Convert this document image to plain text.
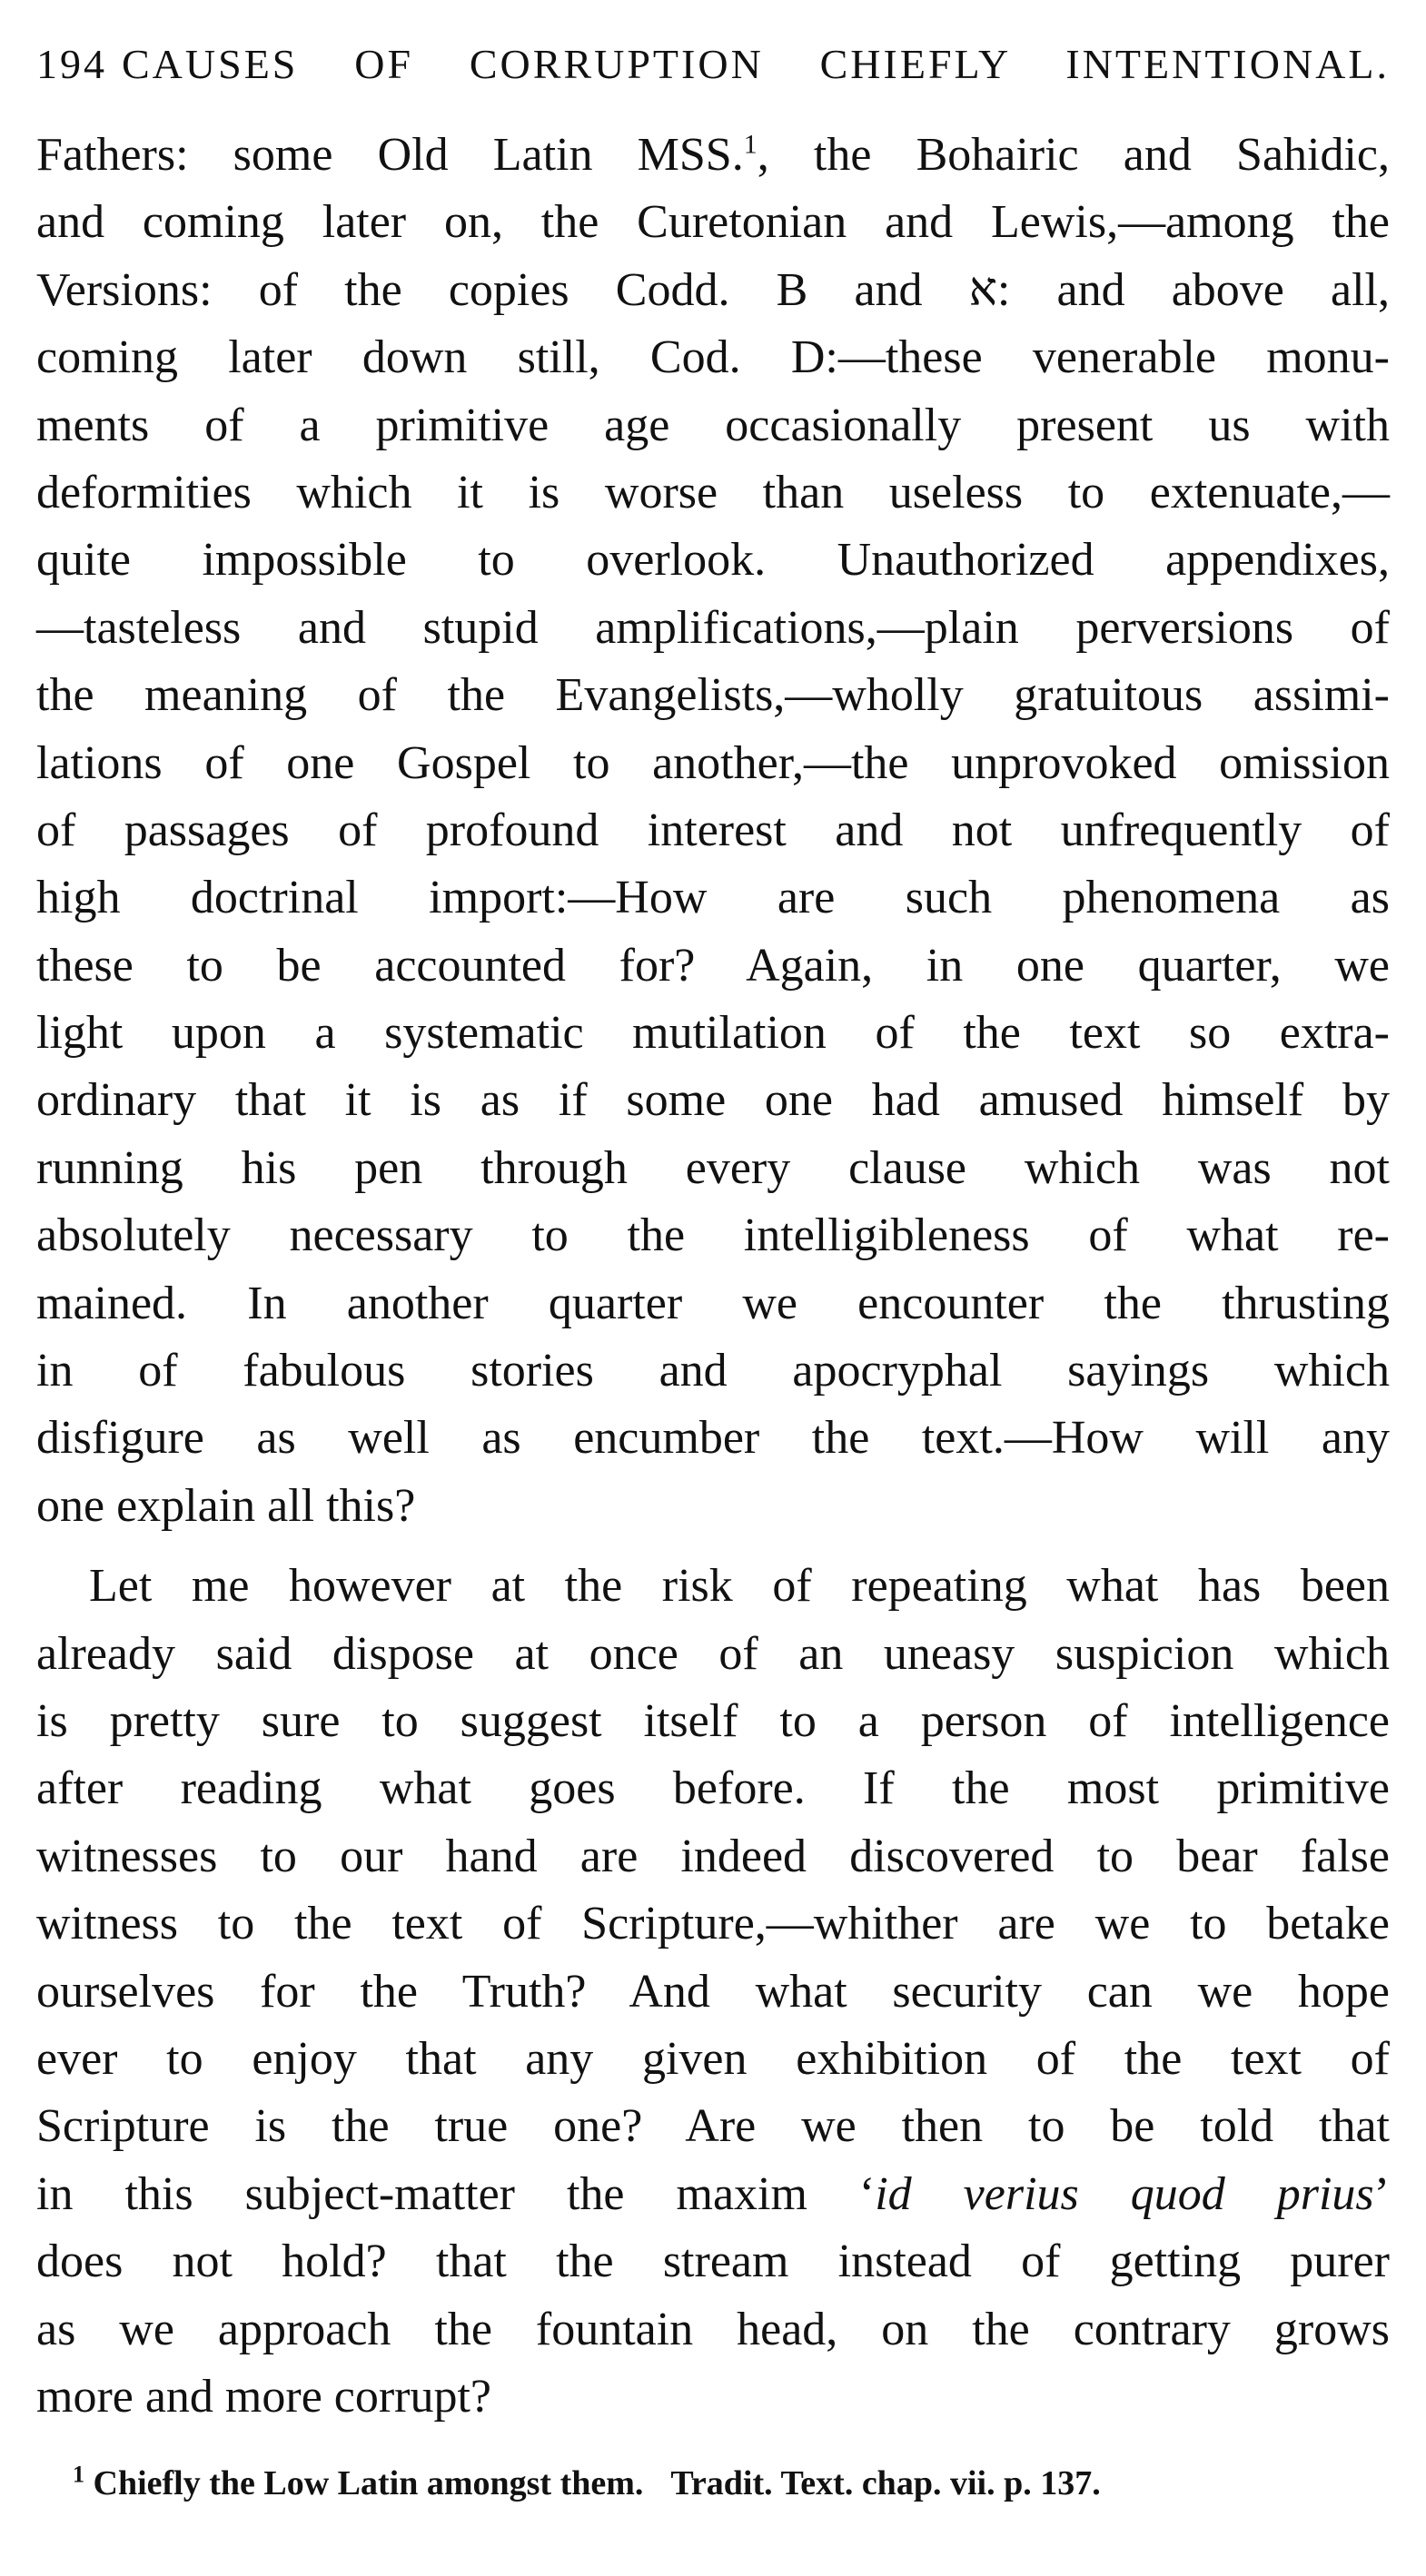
194 CAUSES OF CORRUPTION CHIEFLY INTENTIONAL.
Fathers: some Old Latin MSS.$^1$, the Bohairic and Sahidic,
and coming later on, the Curetonian and Lewis,—among the
Versions: of the copies Codd. B and א: and above all,
coming later down still, Cod. D:—these venerable monu-
ments of a primitive age occasionally present us with
deformities which it is worse than useless to extenuate,—
quite impossible to overlook. Unauthorized appendixes,
—tasteless and stupid amplifications,—plain perversions of
the meaning of the Evangelists,—wholly gratuitous assimi-
lations of one Gospel to another,—the unprovoked omission
of passages of profound interest and not unfrequently of
high doctrinal import:—How are such phenomena as
these to be accounted for? Again, in one quarter, we
light upon a systematic mutilation of the text so extra-
ordinary that it is as if some one had amused himself by
running his pen through every clause which was not
absolutely necessary to the intelligibleness of what re-
mained. In another quarter we encounter the thrusting
in of fabulous stories and apocryphal sayings which
disfigure as well as encumber the text.—How will any
one explain all this?
Let me however at the risk of repeating what has been
already said dispose at once of an uneasy suspicion which
is pretty sure to suggest itself to a person of intelligence
after reading what goes before. If the most primitive
witnesses to our hand are indeed discovered to bear false
witness to the text of Scripture,—whither are we to betake
ourselves for the Truth? And what security can we hope
ever to enjoy that any given exhibition of the text of
Scripture is the true one? Are we then to be told that
in this subject-matter the maxim ‘id verius quod prius’
does not hold? that the stream instead of getting purer
as we approach the fountain head, on the contrary grows
more and more corrupt?
$^1$ Chiefly the Low Latin amongst them. Tradit. Text. chap. vii. p. 137.
